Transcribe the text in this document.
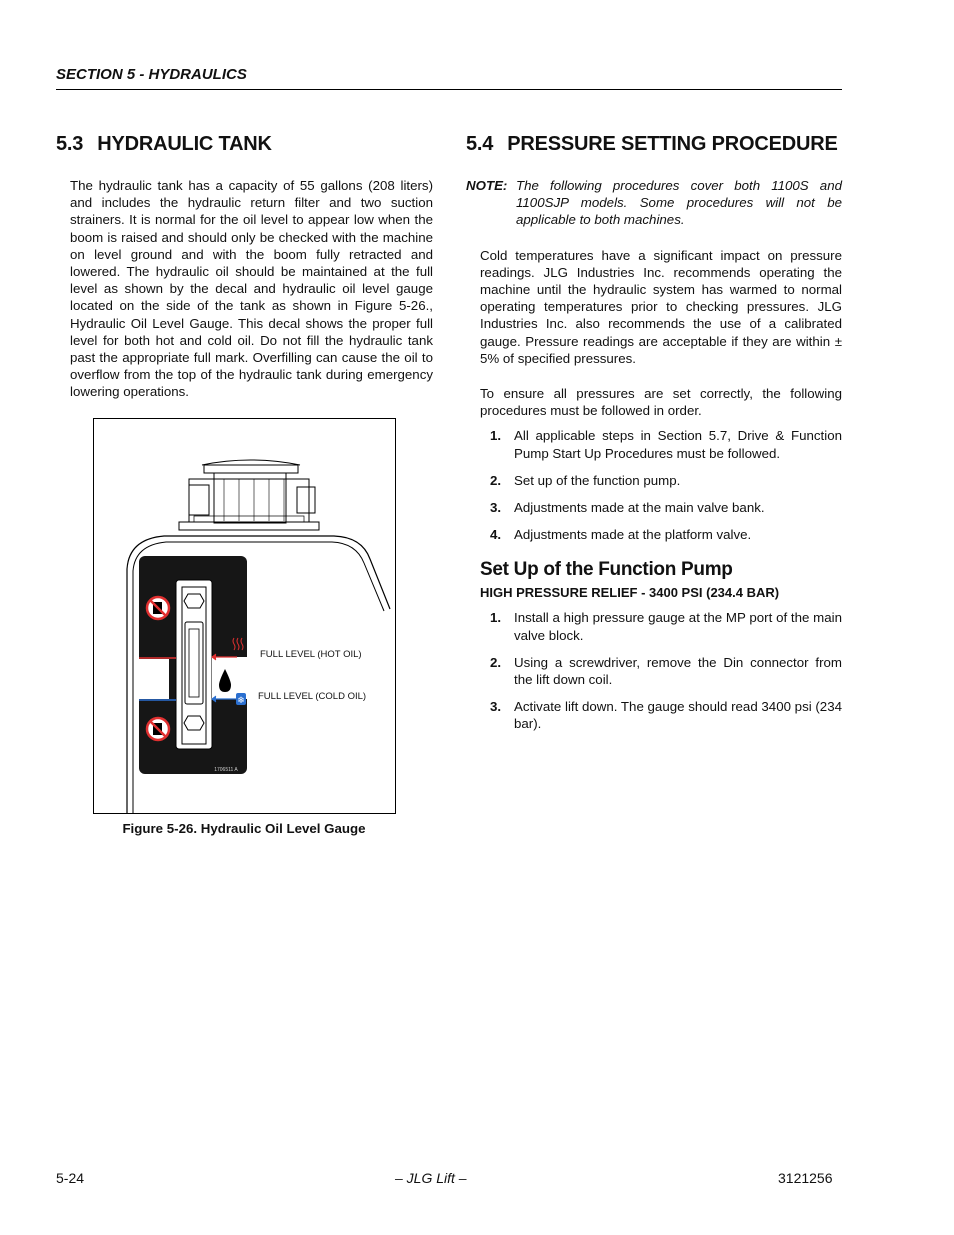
SECTION 5 - HYDRAULICS
5.3 HYDRAULIC TANK

The hydraulic tank has a capacity of 55 gallons (208 liters) and includes the hydraulic return filter and two suction strainers. It is normal for the oil level to appear low when the boom is raised and should only be checked with the machine on level ground and with the boom fully retracted and lowered. The hydraulic oil should be maintained at the full level as shown by the decal and hydraulic oil level gauge located on the side of the tank as shown in Figure 5-26., Hydraulic Oil Level Gauge. This decal shows the proper full level for both hot and cold oil. Do not fill the hydraulic tank past the appropriate full mark. Overfilling can cause the oil to overflow from the top of the hydraulic tank during emergency lowering operations.

❄
1706511 A
FULL LEVEL (HOT OIL)
FULL LEVEL (COLD OIL)
Figure 5-26. Hydraulic Oil Level Gauge
5.4 PRESSURE SETTING PROCEDURE
NOTE: The following procedures cover both 1100S and 1100SJP models. Some procedures will not be applicable to both machines.

Cold temperatures have a significant impact on pressure readings. JLG Industries Inc. recommends operating the machine until the hydraulic system has warmed to normal operating temperatures prior to checking pressures. JLG Industries Inc. also recommends the use of a calibrated gauge. Pressure readings are acceptable if they are within ± 5% of specified pressures.

To ensure all pressures are set correctly, the following procedures must be followed in order.

1. All applicable steps in Section 5.7, Drive & Function Pump Start Up Procedures must be followed.
2. Set up of the function pump.
3. Adjustments made at the main valve bank.
4. Adjustments made at the platform valve.
Set Up of the Function Pump
HIGH PRESSURE RELIEF - 3400 PSI (234.4 BAR)
1. Install a high pressure gauge at the MP port of the main valve block.
2. Using a screwdriver, remove the Din connector from the lift down coil.
3. Activate lift down. The gauge should read 3400 psi (234 bar).
5-24	– JLG Lift –	3121256
